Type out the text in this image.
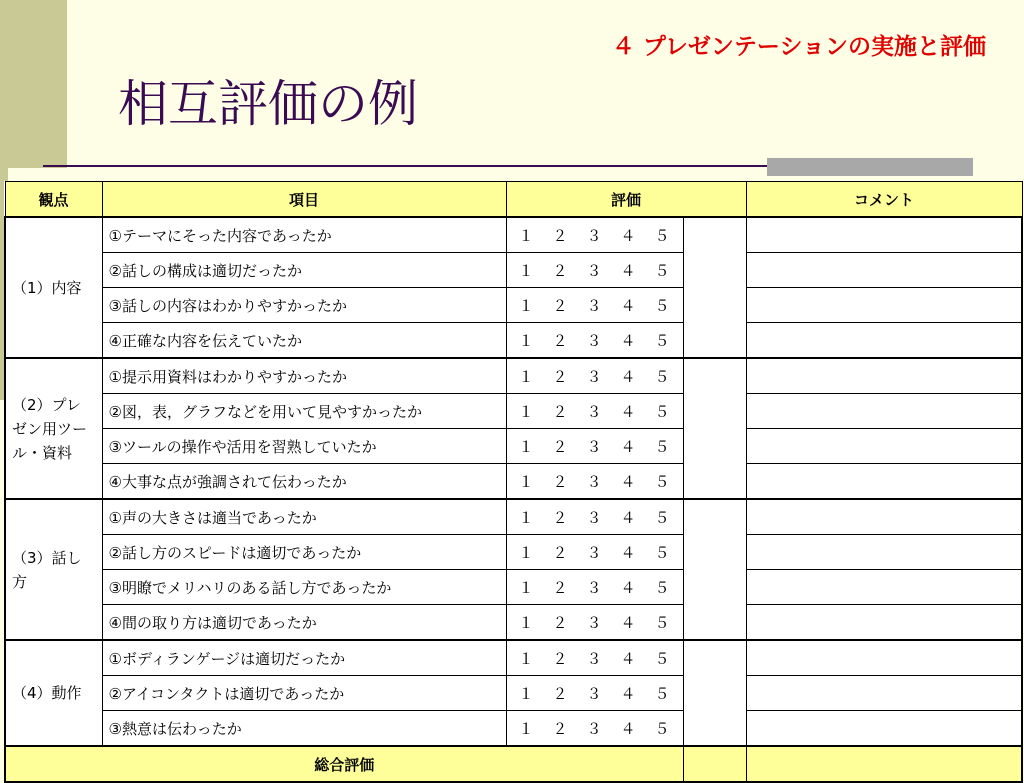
４ プレゼンテーションの実施と評価
相互評価の例
観点	項目	評価		コメント
（1）内容	①テーマにそった内容であったか	１ ２ ３ ４ ５		
	②話しの構成は適切だったか	１ ２ ３ ４ ５		
	③話しの内容はわかりやすかったか	１ ２ ３ ４ ５		
	④正確な内容を伝えていたか	１ ２ ３ ４ ５		
（2）プレゼン用ツール・資料	①提示用資料はわかりやすかったか	１ ２ ３ ４ ５		
	②図，表，グラフなどを用いて見やすかったか	１ ２ ３ ４ ５		
	③ツールの操作や活用を習熟していたか	１ ２ ３ ４ ５		
	④大事な点が強調されて伝わったか	１ ２ ３ ４ ５		
（3）話し方	①声の大きさは適当であったか	１ ２ ３ ４ ５		
	②話し方のスピードは適切であったか	１ ２ ３ ４ ５		
	③明瞭でメリハリのある話し方であったか	１ ２ ３ ４ ５		
	④間の取り方は適切であったか	１ ２ ３ ４ ５		
（4）動作	①ボディランゲージは適切だったか	１ ２ ３ ４ ５		
	②アイコンタクトは適切であったか	１ ２ ３ ４ ５		
	③熱意は伝わったか	１ ２ ３ ４ ５		
総合評価				
